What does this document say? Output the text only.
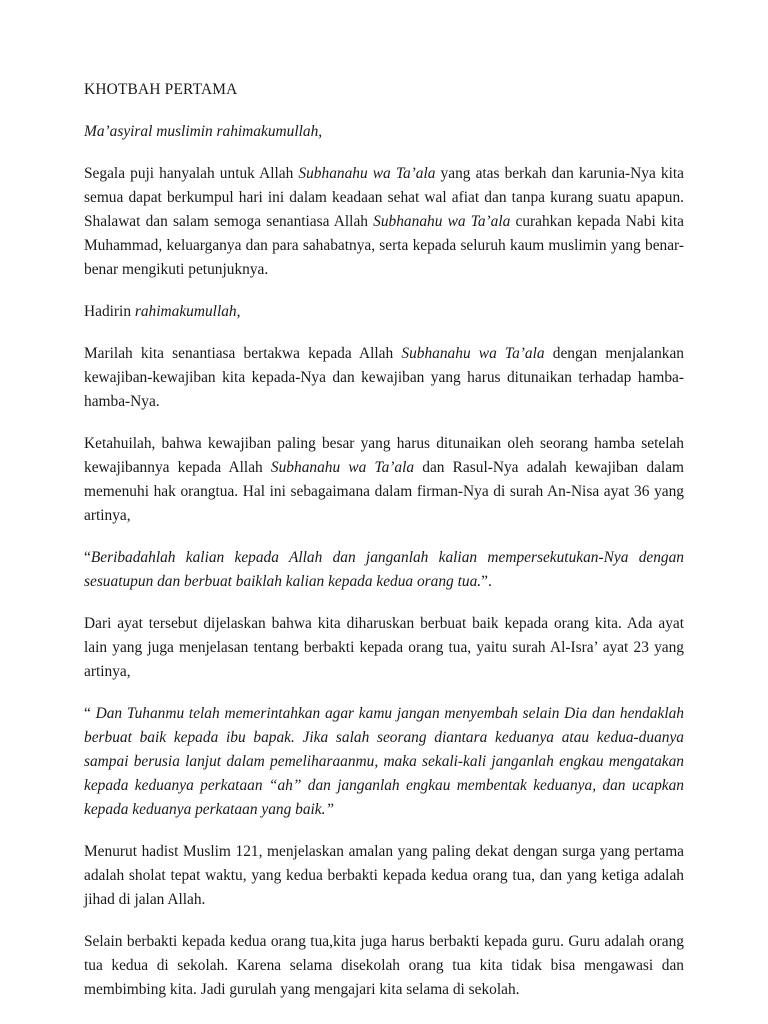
KHOTBAH PERTAMA

Ma’asyiral muslimin rahimakumullah,

Segala puji hanyalah untuk Allah Subhanahu wa Ta’ala yang atas berkah dan karunia-Nya kita semua dapat berkumpul hari ini dalam keadaan sehat wal afiat dan tanpa kurang suatu apapun. Shalawat dan salam semoga senantiasa Allah Subhanahu wa Ta’ala curahkan kepada Nabi kita Muhammad, keluarganya dan para sahabatnya, serta kepada seluruh kaum muslimin yang benar-benar mengikuti petunjuknya.

Hadirin rahimakumullah,

Marilah kita senantiasa bertakwa kepada Allah Subhanahu wa Ta’ala dengan menjalankan kewajiban-kewajiban kita kepada-Nya dan kewajiban yang harus ditunaikan terhadap hamba-hamba-Nya.

Ketahuilah, bahwa kewajiban paling besar yang harus ditunaikan oleh seorang hamba setelah kewajibannya kepada Allah Subhanahu wa Ta’ala dan Rasul-Nya adalah kewajiban dalam memenuhi hak orangtua. Hal ini sebagaimana dalam firman-Nya di surah An-Nisa ayat 36 yang artinya,

“Beribadahlah kalian kepada Allah dan janganlah kalian mempersekutukan-Nya dengan sesuatupun dan berbuat baiklah kalian kepada kedua orang tua.”.

Dari ayat tersebut dijelaskan bahwa kita diharuskan berbuat baik kepada orang kita. Ada ayat lain yang juga menjelasan tentang berbakti kepada orang tua, yaitu surah Al-Isra’ ayat 23 yang artinya,

“ Dan Tuhanmu telah memerintahkan agar kamu jangan menyembah selain Dia dan hendaklah berbuat baik kepada ibu bapak. Jika salah seorang diantara keduanya atau kedua-duanya sampai berusia lanjut dalam pemeliharaanmu, maka sekali-kali janganlah engkau mengatakan kepada keduanya perkataan “ah” dan janganlah engkau membentak keduanya, dan ucapkan kepada keduanya perkataan yang baik.”

Menurut hadist Muslim 121, menjelaskan amalan yang paling dekat dengan surga yang pertama adalah sholat tepat waktu, yang kedua berbakti kepada kedua orang tua, dan yang ketiga adalah jihad di jalan Allah.

Selain berbakti kepada kedua orang tua,kita juga harus berbakti kepada guru. Guru adalah orang tua kedua di sekolah. Karena selama disekolah orang tua kita tidak bisa mengawasi dan membimbing kita. Jadi gurulah yang mengajari kita selama di sekolah.
